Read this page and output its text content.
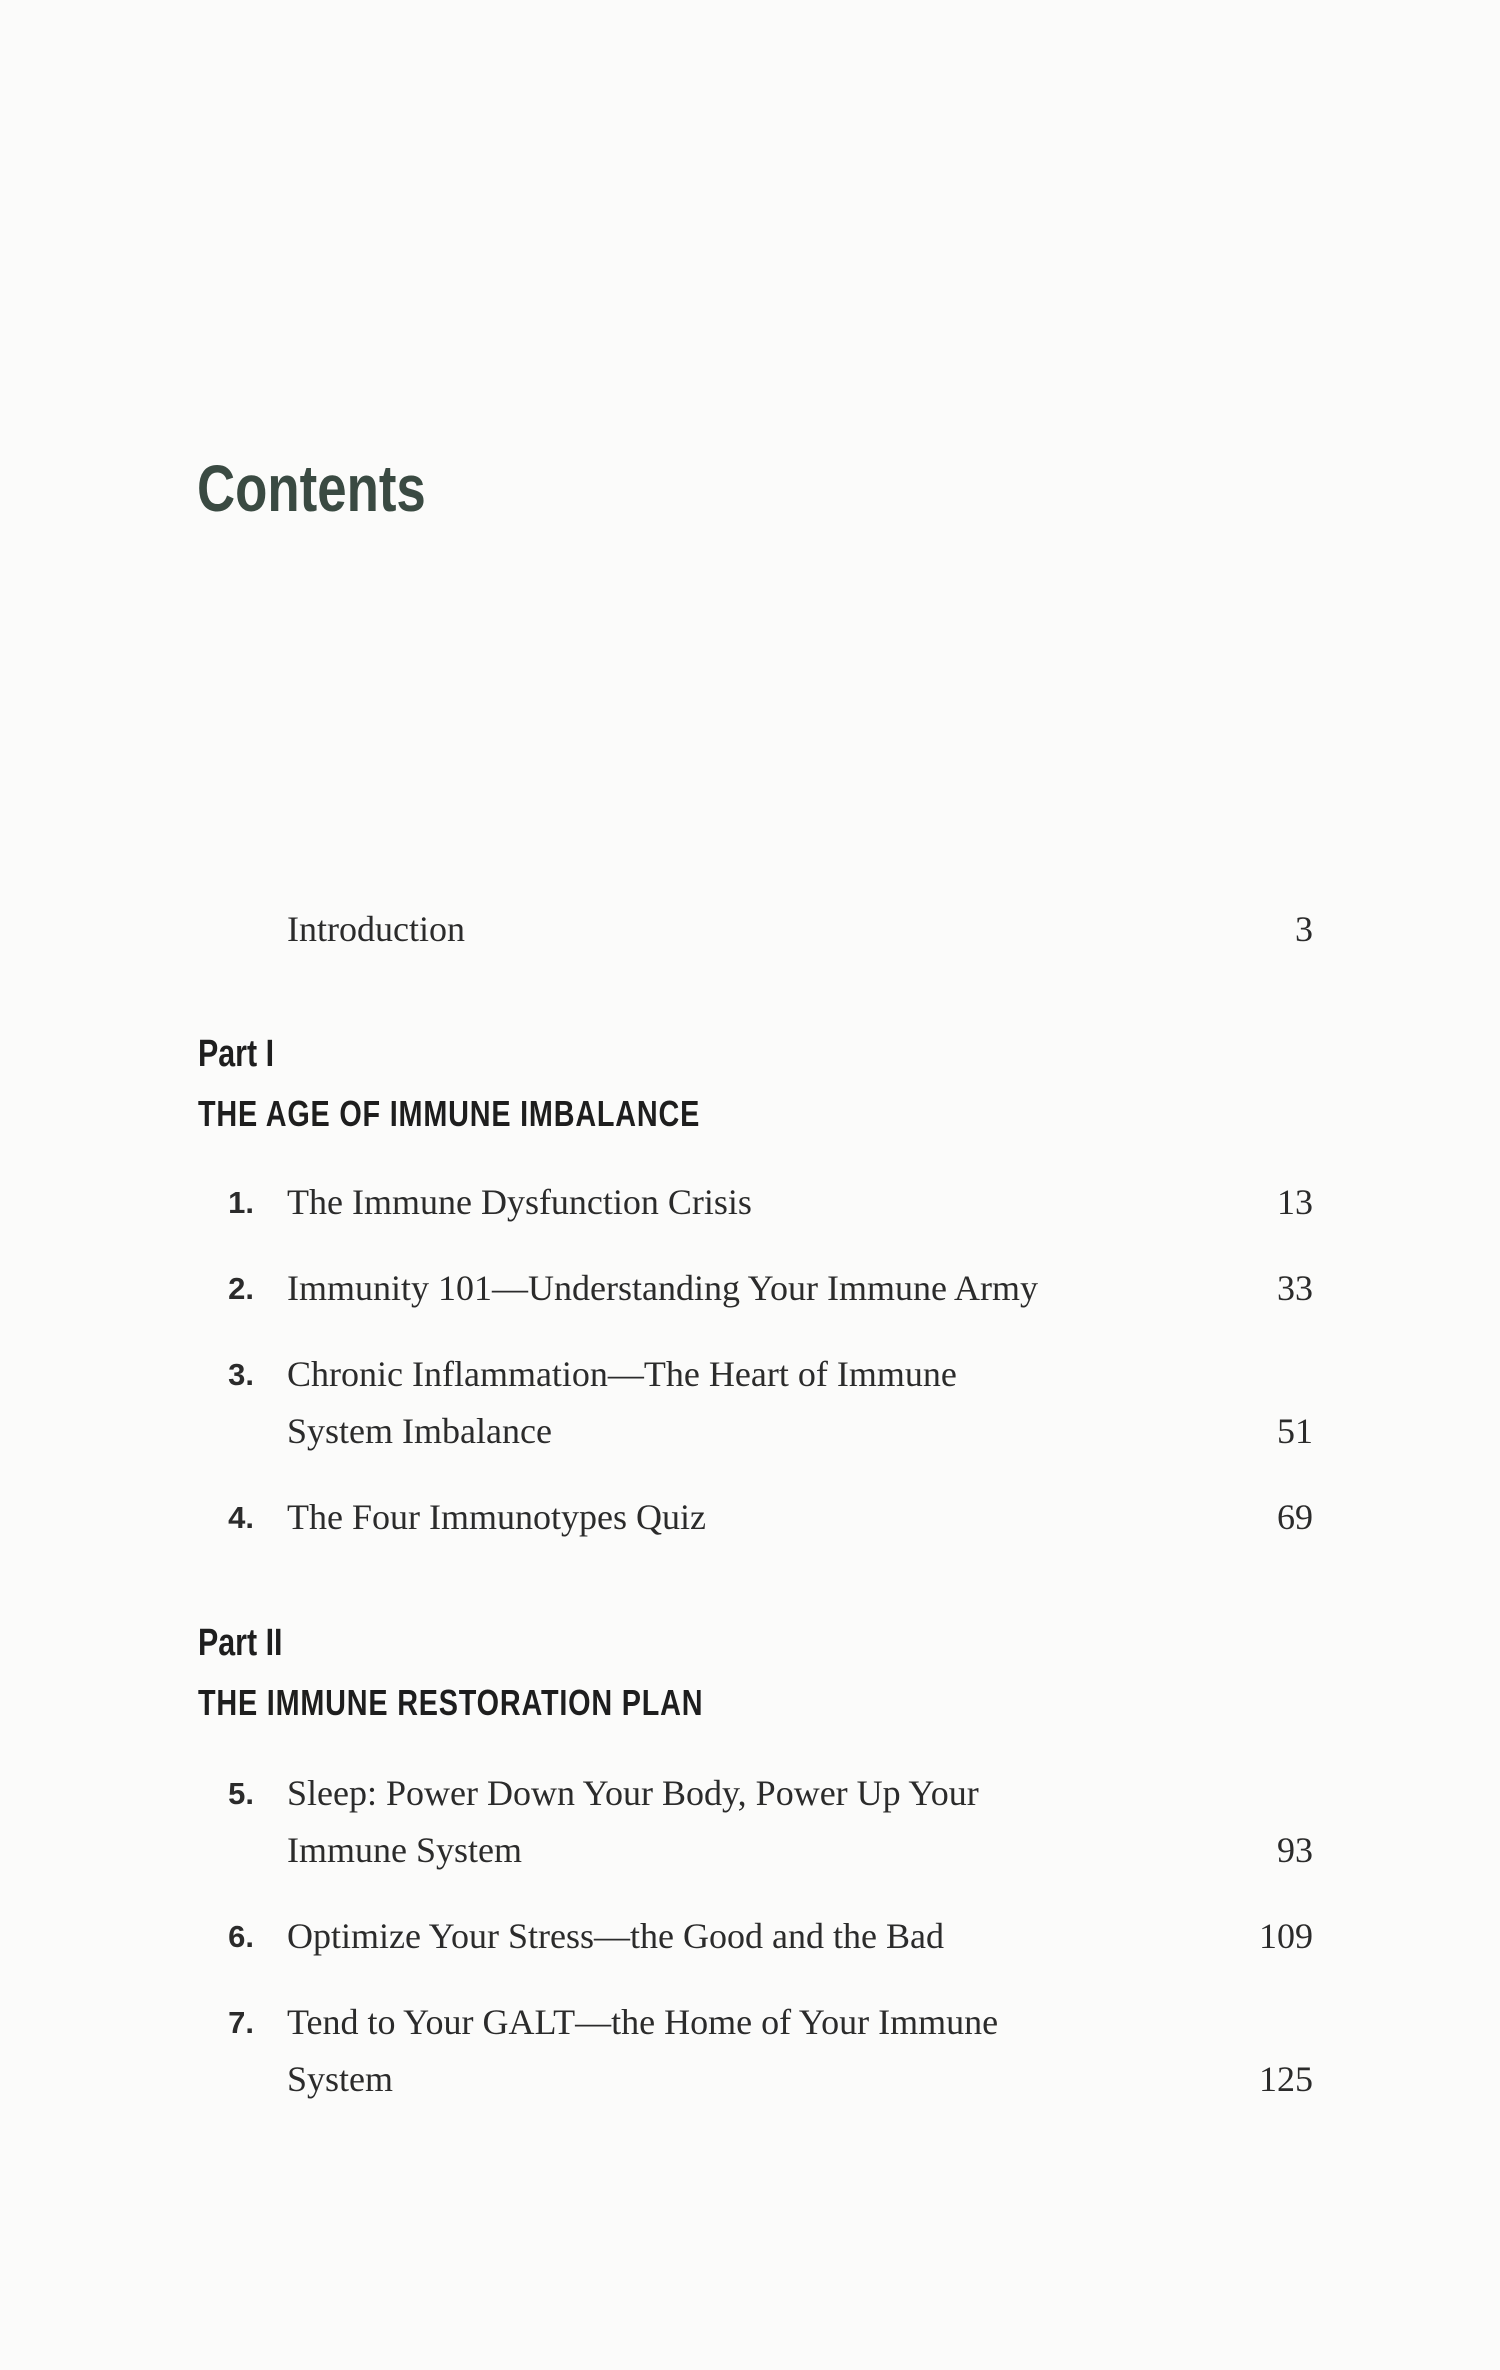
Contents
Introduction	3
Part I
THE AGE OF IMMUNE IMBALANCE
1. The Immune Dysfunction Crisis	13
2. Immunity 101—Understanding Your Immune Army	33
3. Chronic Inflammation—The Heart of Immune
System Imbalance	51
4. The Four Immunotypes Quiz	69
Part II
THE IMMUNE RESTORATION PLAN
5. Sleep: Power Down Your Body, Power Up Your
Immune System	93
6. Optimize Your Stress—the Good and the Bad	109
7. Tend to Your GALT—the Home of Your Immune
System	125
